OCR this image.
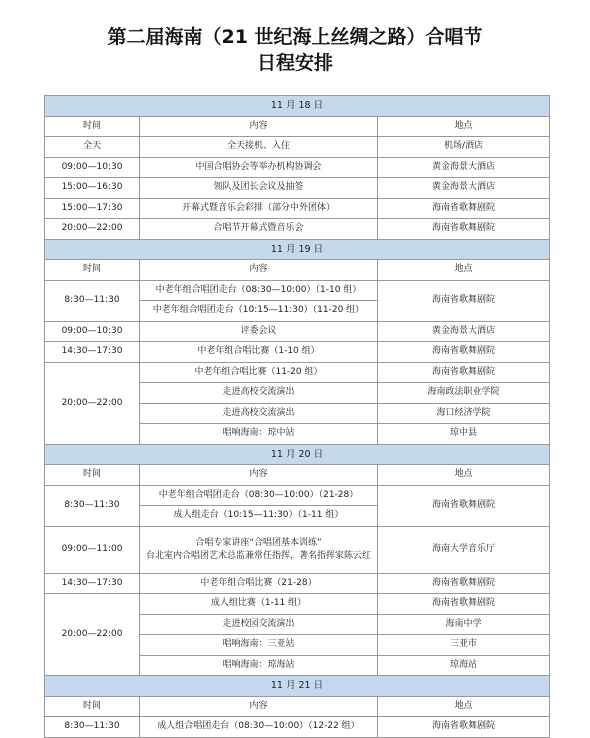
第二届海南（21 世纪海上丝绸之路）合唱节
日程安排
11 月 18 日		
时间	内容	地点
全天	全天接机、入住	机场/酒店
09:00—10:30	中国合唱协会等举办机构协调会	黄金海景大酒店
15:00—16:30	领队及团长会议及抽签	黄金海景大酒店
15:00—17:30	开幕式暨音乐会彩排（部分中外团体）	海南省歌舞剧院
20:00—22:00	合唱节开幕式暨音乐会	海南省歌舞剧院
11 月 19 日		
时间	内容	地点
8:30—11:30	中老年组合唱团走台（08:30—10:00）（1-10 组）	海南省歌舞剧院
	中老年组合唱团走台（10:15—11:30）（11-20 组）	
09:00—10:30	评委会议	黄金海景大酒店
14:30—17:30	中老年组合唱比赛（1-10 组）	海南省歌舞剧院
20:00—22:00	中老年组合唱比赛（11-20 组）	海南省歌舞剧院
	走进高校交流演出	海南政法职业学院
	走进高校交流演出	海口经济学院
	唱响海南：琼中站	琼中县
11 月 20 日		
时间	内容	地点
8:30—11:30	中老年组合唱团走台（08:30—10:00）（21-28）	海南省歌舞剧院
	成人组走台（10:15—11:30）（1-11 组）	
09:00—11:00	合唱专家讲座“合唱团基本训练”
台北室内合唱团艺术总监兼常任指挥，著名指挥家陈云红	海南大学音乐厅
14:30—17:30	中老年组合唱比赛（21-28）	海南省歌舞剧院
20:00—22:00	成人组比赛（1-11 组）	海南省歌舞剧院
	走进校园交流演出	海南中学
	唱响海南：三亚站	三亚市
	唱响海南：琼海站	琼海站
11 月 21 日		
时间	内容	地点
8:30—11:30	成人组合唱团走台（08:30—10:00）（12-22 组）	海南省歌舞剧院
